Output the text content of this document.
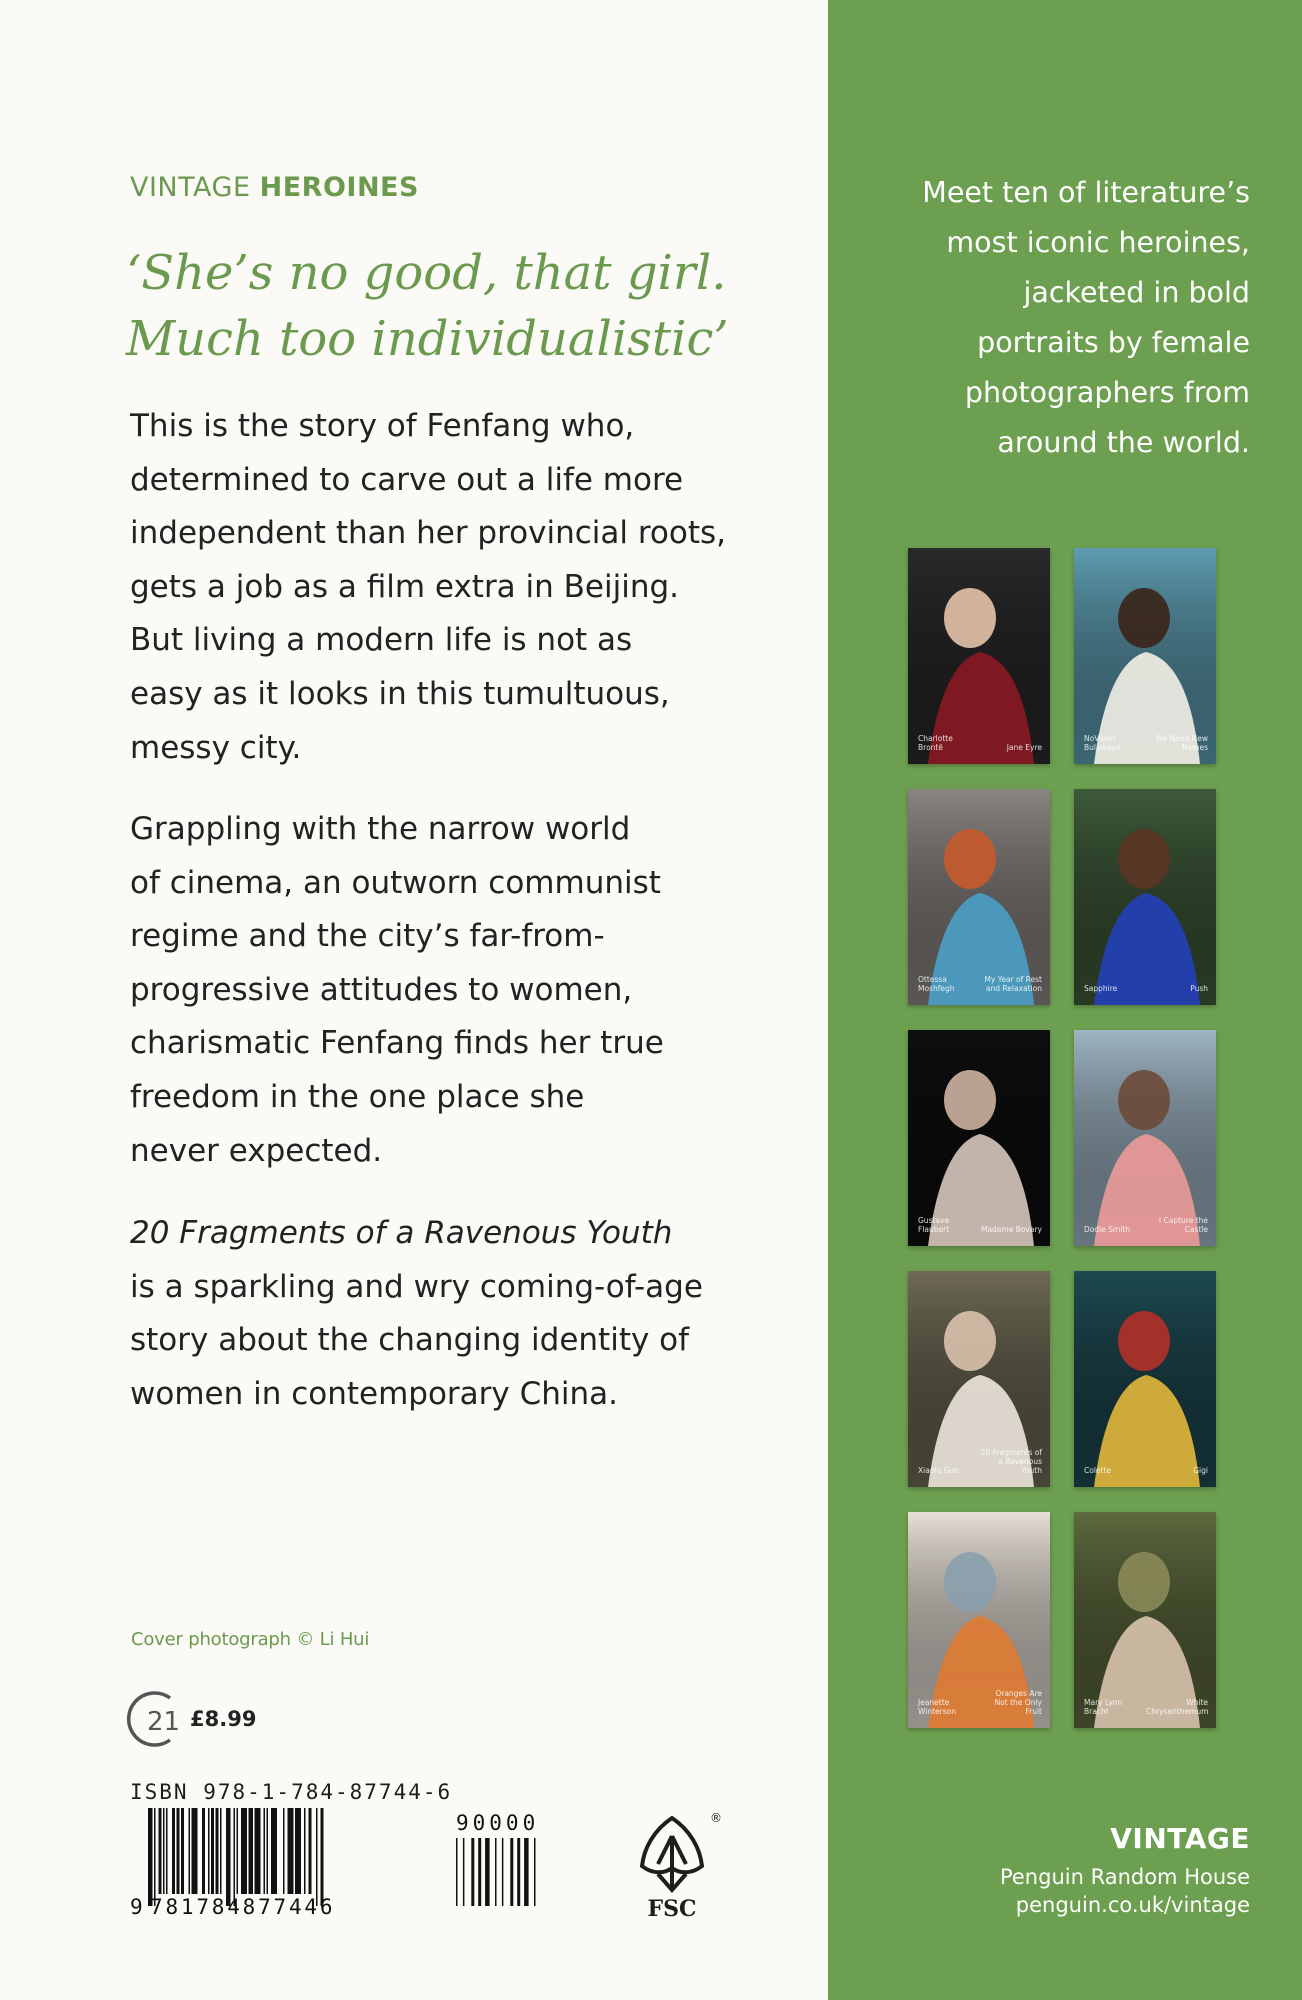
VINTAGE HEROINES
‘She’s no good, that girl.
Much too individualistic’
This is the story of Fenfang who,
determined to carve out a life more
independent than her provincial roots,
gets a job as a film extra in Beijing.
But living a modern life is not as
easy as it looks in this tumultuous,
messy city.
Grappling with the narrow world
of cinema, an outworn communist
regime and the city’s far-from-
progressive attitudes to women,
charismatic Fenfang finds her true
freedom in the one place she
never expected.
20 Fragments of a Ravenous Youth
is a sparkling and wry coming-of-age
story about the changing identity of
women in contemporary China.
Cover photograph © Li Hui
21 £8.99
ISBN 978-1-784-87744-6
9 781784877446
90000
FSC
®
Meet ten of literature’s
most iconic heroines,
jacketed in bold
portraits by female
photographers from
around the world.
Charlotte Brontë	Jane Eyre
NoViolet Bulawayo
We Need New Names
Ottessa Moshfegh
My Year of Rest and Relaxation	Sapphire	Push
Gustave Flaubert	Madame Bovary	Dodie Smith
I Capture the Castle
Xiaolu Guo
20 Fragments of a Ravenous Youth	Colette	Gigi
Jeanette Winterson
Oranges Are Not the Only Fruit
Mary Lynn Bracht
White Chrysanthemum
VINTAGE
Penguin Random House
penguin.co.uk/vintage
